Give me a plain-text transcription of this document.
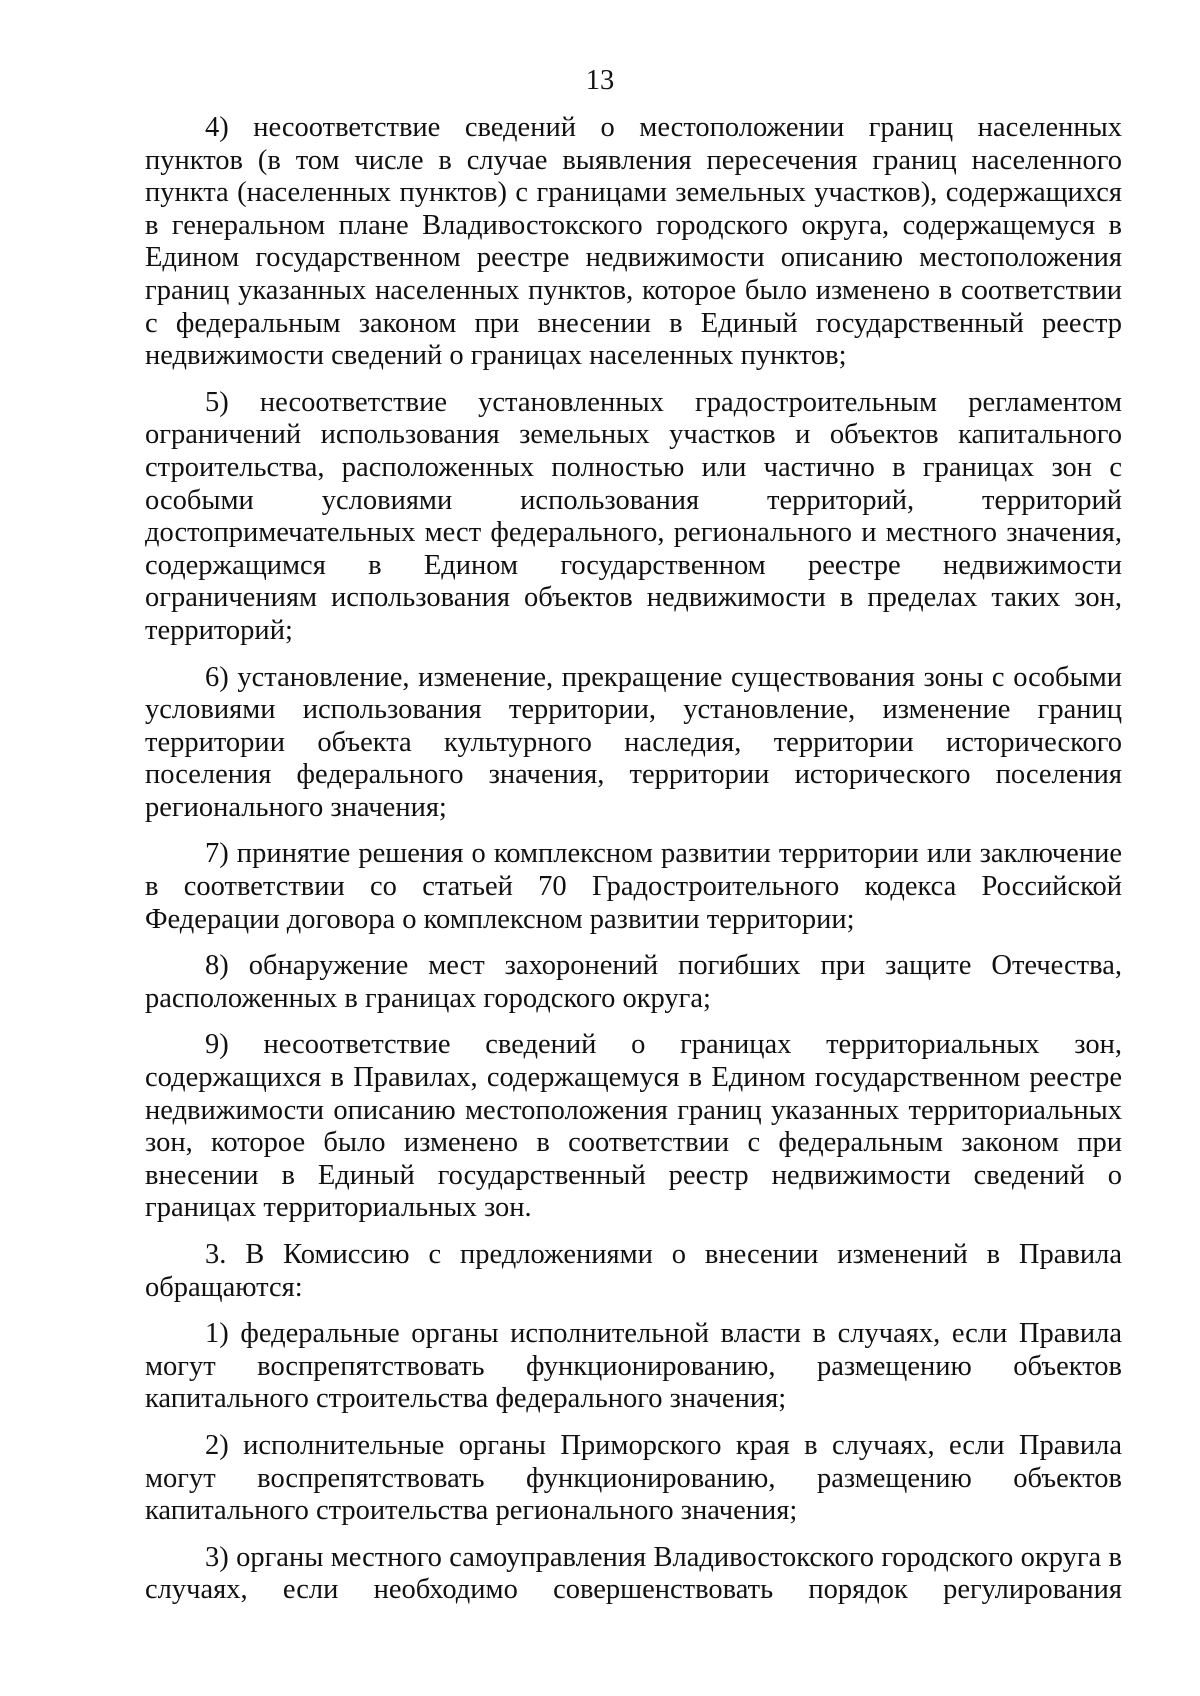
13

4) несоответствие сведений о местоположении границ населенных пунктов (в том числе в случае выявления пересечения границ населенного пункта (населенных пунктов) с границами земельных участков), содержащихся в генеральном плане Владивостокского городского округа, содержащемуся в Едином государственном реестре недвижимости описанию местоположения границ указанных населенных пунктов, которое было изменено в соответствии с федеральным законом при внесении в Единый государственный реестр недвижимости сведений о границах населенных пунктов;

5) несоответствие установленных градостроительным регламентом ограничений использования земельных участков и объектов капитального строительства, расположенных полностью или частично в границах зон с особыми условиями использования территорий, территорий достопримечательных мест федерального, регионального и местного значения, содержащимся в Едином государственном реестре недвижимости ограничениям использования объектов недвижимости в пределах таких зон, территорий;

6) установление, изменение, прекращение существования зоны с особыми условиями использования территории, установление, изменение границ территории объекта культурного наследия, территории исторического поселения федерального значения, территории исторического поселения регионального значения;

7) принятие решения о комплексном развитии территории или заключение в соответствии со статьей 70 Градостроительного кодекса Российской Федерации договора о комплексном развитии территории;

8) обнаружение мест захоронений погибших при защите Отечества, расположенных в границах городского округа;

9) несоответствие сведений о границах территориальных зон, содержащихся в Правилах, содержащемуся в Едином государственном реестре недвижимости описанию местоположения границ указанных территориальных зон, которое было изменено в соответствии с федеральным законом при внесении в Единый государственный реестр недвижимости сведений о границах территориальных зон.

3. В Комиссию с предложениями о внесении изменений в Правила обращаются:

1) федеральные органы исполнительной власти в случаях, если Правила могут воспрепятствовать функционированию, размещению объектов капитального строительства федерального значения;

2) исполнительные органы Приморского края в случаях, если Правила могут воспрепятствовать функционированию, размещению объектов капитального строительства регионального значения;

3) органы местного самоуправления Владивостокского городского округа в случаях, если необходимо совершенствовать порядок регулирования
